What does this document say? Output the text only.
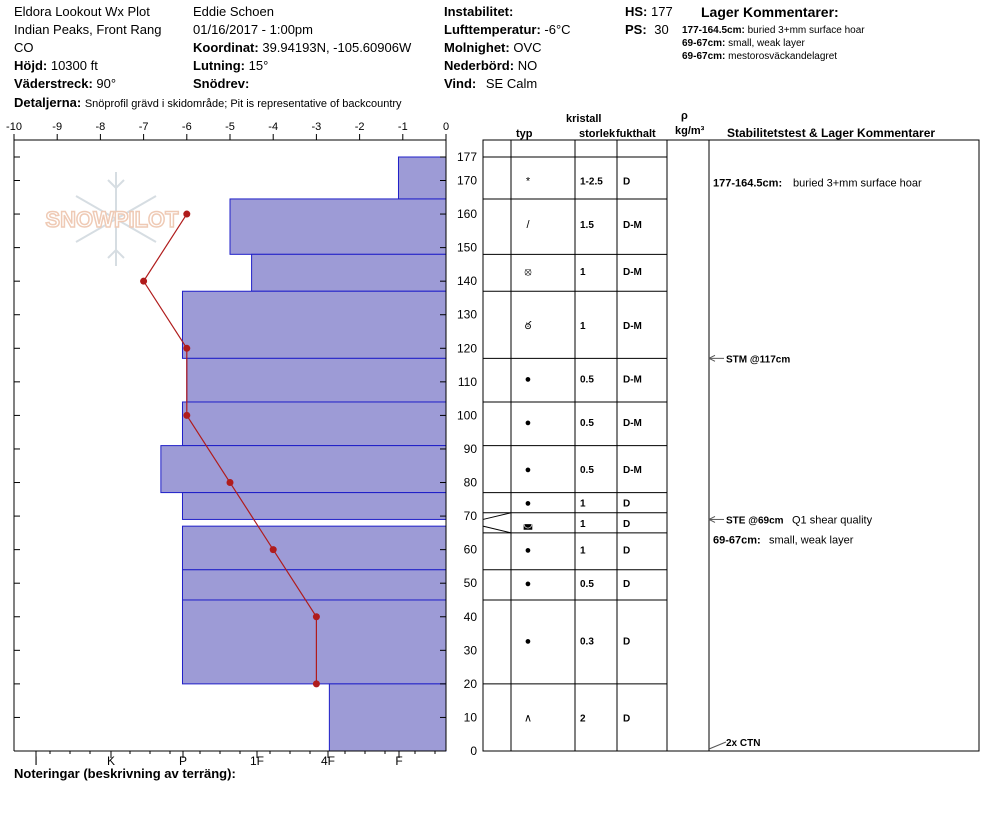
Eldora Lookout Wx Plot
Indian Peaks, Front Rang
CO
Höjd: 10300 ft
Väderstreck: 90°
Detaljerna: Snöprofil grävd i skidområde; Pit is representative of backcountry
Eddie Schoen
01/16/2017 - 1:00pm
Koordinat: 39.94193N, -105.60906W
Lutning: 15°
Snödrev:
Instabilitet:
Lufttemperatur: -6°C
Molnighet: OVC
Nederbörd: NO
Vind: SE Calm
HS: 177
PS: 30
Lager Kommentarer:
177-164.5cm: buried 3+mm surface hoar
69-67cm: small, weak layer
69-67cm: mestorosväckandelagret
kristall
typ	storlek fukthalt
ρ
kg/m³ Stabilitetstest & Lager Kommentarer
Noteringar (beskrivning av terräng):
SNOWPILOT
-10	-9	-8	-7	-6	-5	-4	-3	-2	-1	0
I	K	P	1F	4F	F
177
170
160
150
140
130
120
110
100
90
80
70
60
50
40
30
20
10
0
*	1-2.5 D
/	1.5	D-M
⦻	1	D-M
ఠ	1	D-M
●	0.5	D-M
●	0.5	D-M
●	0.5	D-M
●	1	D
◛	1	D
●	1	D
●	0.5	D
●	0.3	D
∧	2	D
177-164.5cm: buried 3+mm surface hoar
STM @117cm
STE @69cm Q1 shear quality
69-67cm: small, weak layer
2x CTN
